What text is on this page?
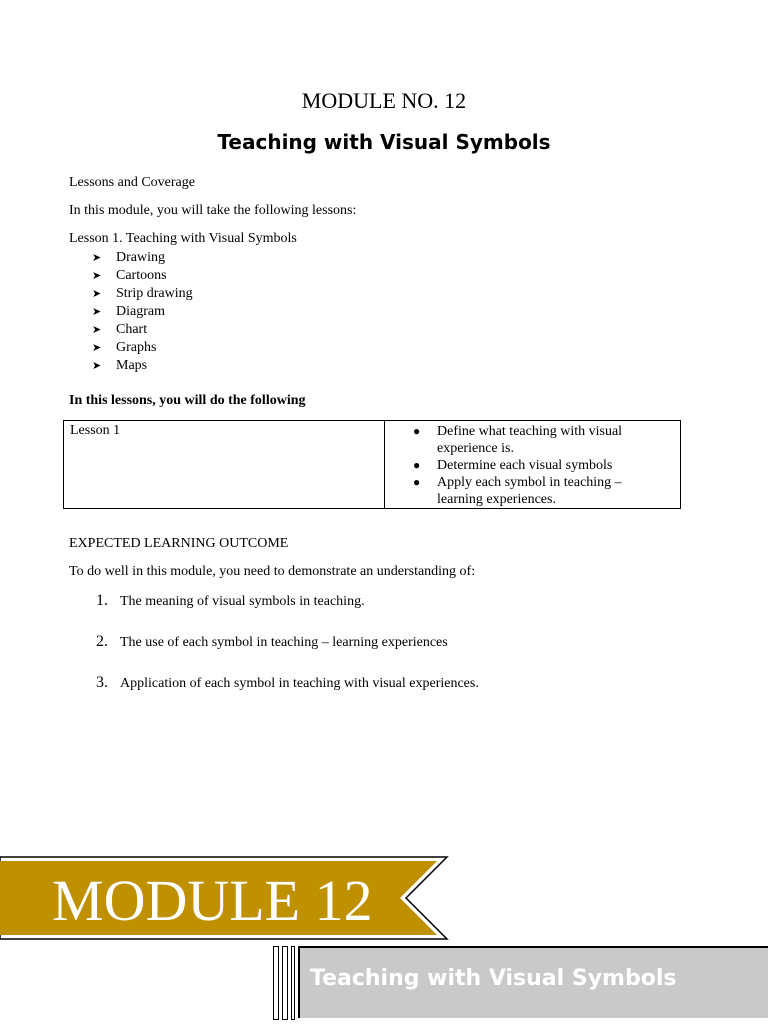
MODULE NO. 12
Teaching with Visual Symbols
Lessons and Coverage
In this module, you will take the following lessons:
Lesson 1. Teaching with Visual Symbols
➤	Drawing
➤	Cartoons
➤	Strip drawing
➤	Diagram
➤	Chart
➤	Graphs
➤	Maps
In this lessons, you will do the following
Lesson 1	● Define what teaching with visual experience is.
● Determine each visual symbols
● Apply each symbol in teaching – learning experiences.
EXPECTED LEARNING OUTCOME
To do well in this module, you need to demonstrate an understanding of:
1. The meaning of visual symbols in teaching.
2. The use of each symbol in teaching – learning experiences
3. Application of each symbol in teaching with visual experiences.
MODULE 12
Teaching with Visual Symbols
